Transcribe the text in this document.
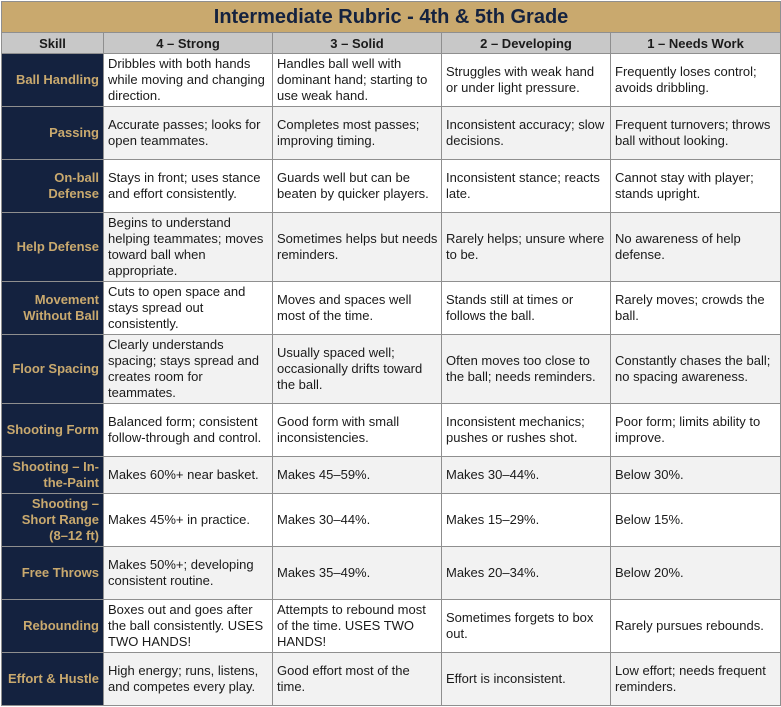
Intermediate Rubric - 4th & 5th Grade				
Skill	4 – Strong	3 – Solid	2 – Developing	1 – Needs Work
Ball Handling	Dribbles with both hands while moving and changing direction.	Handles ball well with dominant hand; starting to use weak hand.	Struggles with weak hand or under light pressure.	Frequently loses control; avoids dribbling.
Passing	Accurate passes; looks for open teammates.	Completes most passes; improving timing.	Inconsistent accuracy; slow decisions.	Frequent turnovers; throws ball without looking.
On-ball Defense	Stays in front; uses stance and effort consistently.	Guards well but can be beaten by quicker players.	Inconsistent stance; reacts late.	Cannot stay with player; stands upright.
Help Defense	Begins to understand helping teammates; moves toward ball when appropriate.	Sometimes helps but needs reminders.	Rarely helps; unsure where to be.	No awareness of help defense.
Movement Without Ball	Cuts to open space and stays spread out consistently.	Moves and spaces well most of the time.	Stands still at times or follows the ball.	Rarely moves; crowds the ball.
Floor Spacing	Clearly understands spacing; stays spread and creates room for teammates.	Usually spaced well; occasionally drifts toward the ball.	Often moves too close to the ball; needs reminders.	Constantly chases the ball; no spacing awareness.
Shooting Form	Balanced form; consistent follow-through and control.	Good form with small inconsistencies.	Inconsistent mechanics; pushes or rushes shot.	Poor form; limits ability to improve.
Shooting – In-the-Paint	Makes 60%+ near basket.	Makes 45–59%.	Makes 30–44%.	Below 30%.
Shooting – Short Range (8–12 ft)	Makes 45%+ in practice.	Makes 30–44%.	Makes 15–29%.	Below 15%.
Free Throws	Makes 50%+; developing consistent routine.	Makes 35–49%.	Makes 20–34%.	Below 20%.
Rebounding	Boxes out and goes after the ball consistently. USES TWO HANDS!	Attempts to rebound most of the time. USES TWO HANDS!	Sometimes forgets to box out.	Rarely pursues rebounds.
Effort & Hustle	High energy; runs, listens, and competes every play.	Good effort most of the time.	Effort is inconsistent.	Low effort; needs frequent reminders.
